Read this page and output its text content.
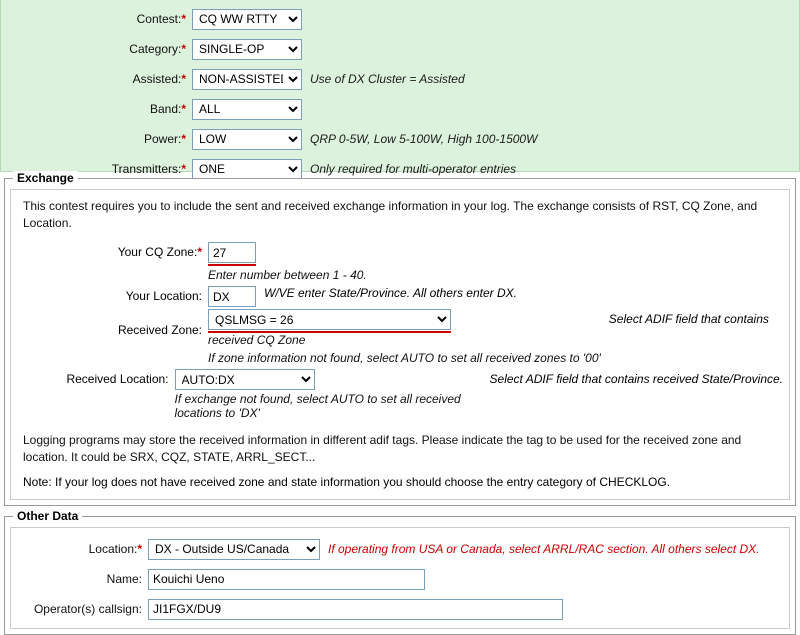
Contest:*
CQ WW RTTY
Category:*
SINGLE-OP
Assisted:*
NON-ASSISTED	Use of DX Cluster = Assisted
Band:*
ALL
Power:*
LOW	QRP 0-5W, Low 5-100W, High 100-1500W
Transmitters:*
ONE	Only required for multi-operator entries
Exchange
This contest requires you to include the sent and received exchange information in your log. The exchange consists of RST, CQ Zone, and Location.
Your CQ Zone:*
27
Enter number between 1 - 40.
Your Location:
DX	W/VE enter State/Province. All others enter DX.
Received Zone:
QSLMSG = 26
received CQ Zone
If zone information not found, select AUTO to set all received zones to '00'
Select ADIF field that contains
Received Location:
AUTO:DX
If exchange not found, select AUTO to set all received locations to 'DX'
Select ADIF field that contains received State/Province.
Logging programs may store the received information in different adif tags. Please indicate the tag to be used for the received zone and location. It could be SRX, CQZ, STATE, ARRL_SECT...
Note: If your log does not have received zone and state information you should choose the entry category of CHECKLOG.
Other Data
Location:*
DX - Outside US/Canada	If operating from USA or Canada, select ARRL/RAC section. All others select DX.
Name:
Kouichi Ueno
Operator(s) callsign:
JI1FGX/DU9
